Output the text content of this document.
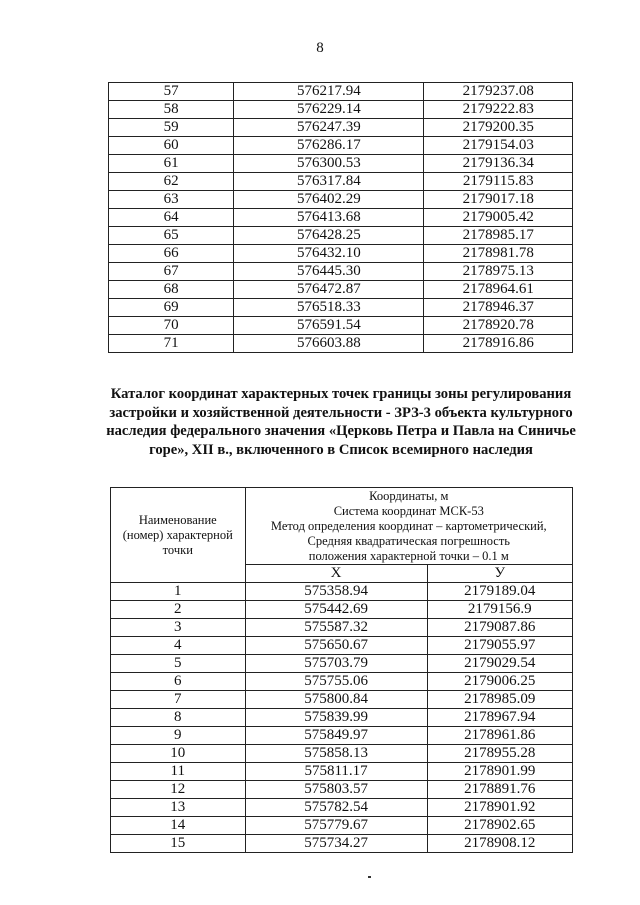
8
57	576217.94	2179237.08
58	576229.14	2179222.83
59	576247.39	2179200.35
60	576286.17	2179154.03
61	576300.53	2179136.34
62	576317.84	2179115.83
63	576402.29	2179017.18
64	576413.68	2179005.42
65	576428.25	2178985.17
66	576432.10	2178981.78
67	576445.30	2178975.13
68	576472.87	2178964.61
69	576518.33	2178946.37
70	576591.54	2178920.78
71	576603.88	2178916.86
Каталог координат характерных точек границы зоны регулирования
застройки и хозяйственной деятельности - ЗРЗ-3 объекта культурного
наследия федерального значения «Церковь Петра и Павла на Синичье
горе», XII в., включенного в Список всемирного наследия
Наименование
(номер) характерной
точки

Координаты, м
Система координат МСК-53
Метод определения координат – картометрический,
Средняя квадратическая погрешность
положения характерной точки – 0.1 м

	X	У
1	575358.94	2179189.04
2	575442.69	2179156.9
3	575587.32	2179087.86
4	575650.67	2179055.97
5	575703.79	2179029.54
6	575755.06	2179006.25
7	575800.84	2178985.09
8	575839.99	2178967.94
9	575849.97	2178961.86
10	575858.13	2178955.28
11	575811.17	2178901.99
12	575803.57	2178891.76
13	575782.54	2178901.92
14	575779.67	2178902.65
15	575734.27	2178908.12
